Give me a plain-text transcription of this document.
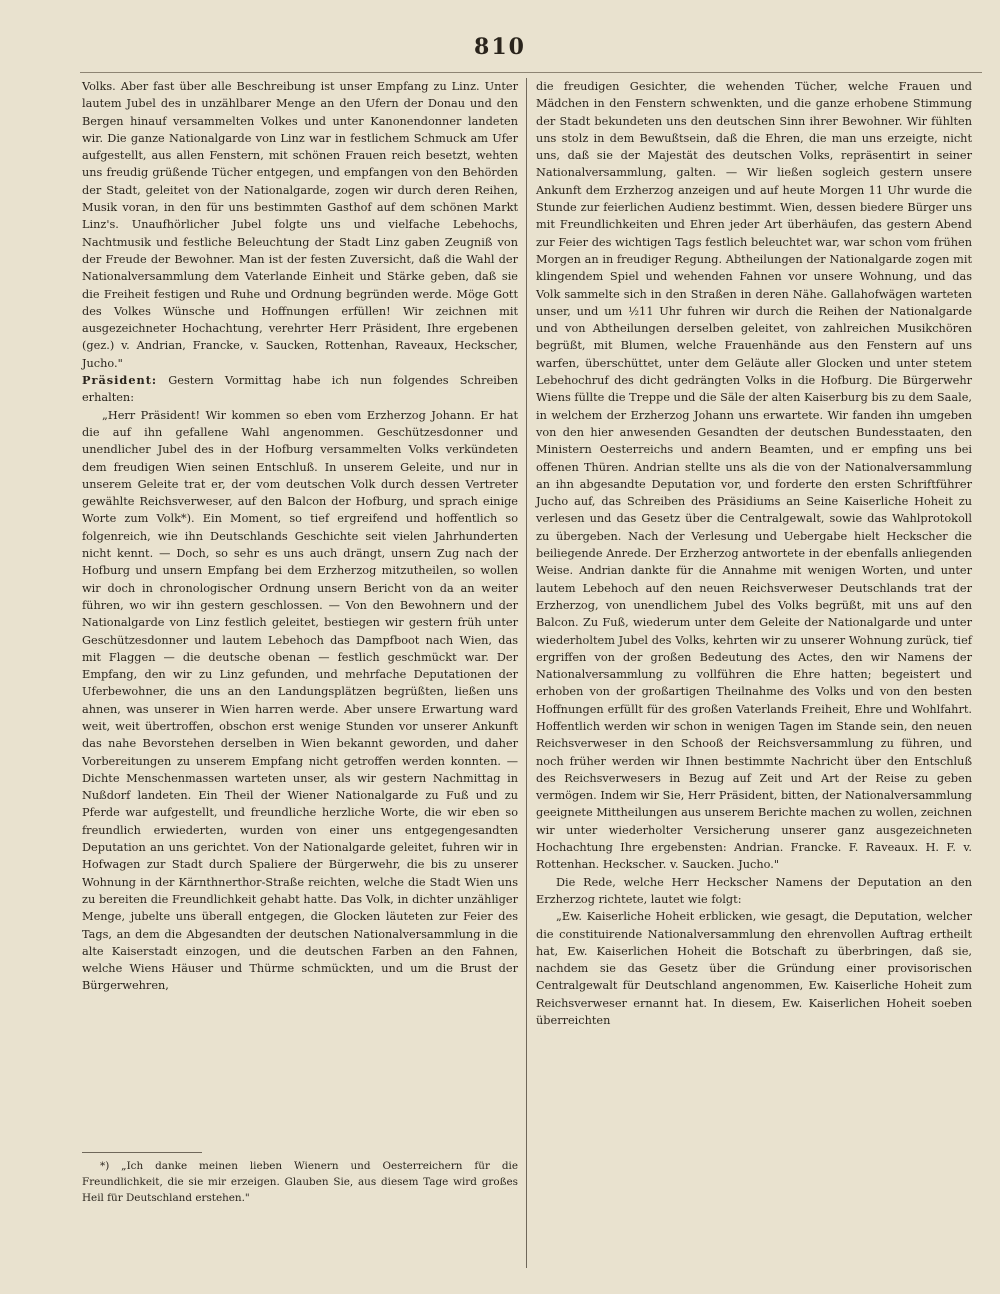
810

Volks. Aber fast über alle Beschreibung ist unser Empfang zu Linz. Unter lautem Jubel des in unzählbarer Menge an den Ufern der Donau und den Bergen hinauf versammelten Volkes und unter Kanonendonner landeten wir. Die ganze Nationalgarde von Linz war in festlichem Schmuck am Ufer aufgestellt, aus allen Fenstern, mit schönen Frauen reich besetzt, wehten uns freudig grüßende Tücher entgegen, und empfangen von den Behörden der Stadt, geleitet von der Nationalgarde, zogen wir durch deren Reihen, Musik voran, in den für uns bestimmten Gasthof auf dem schönen Markt Linz's. Unaufhörlicher Jubel folgte uns und vielfache Lebehochs, Nachtmusik und festliche Beleuchtung der Stadt Linz gaben Zeugniß von der Freude der Bewohner. Man ist der festen Zuversicht, daß die Wahl der Nationalversammlung dem Vaterlande Einheit und Stärke geben, daß sie die Freiheit festigen und Ruhe und Ordnung begründen werde. Möge Gott des Volkes Wünsche und Hoffnungen erfüllen! Wir zeichnen mit ausgezeichneter Hochachtung, verehrter Herr Präsident, Ihre ergebenen (gez.) v. Andrian, Francke, v. Saucken, Rottenhan, Raveaux, Heckscher, Jucho."

Präsident: Gestern Vormittag habe ich nun folgendes Schreiben erhalten:

„Herr Präsident! Wir kommen so eben vom Erzherzog Johann. Er hat die auf ihn gefallene Wahl angenommen. Geschützesdonner und unendlicher Jubel des in der Hofburg versammelten Volks verkündeten dem freudigen Wien seinen Entschluß. In unserem Geleite, und nur in unserem Geleite trat er, der vom deutschen Volk durch dessen Vertreter gewählte Reichsverweser, auf den Balcon der Hofburg, und sprach einige Worte zum Volk*). Ein Moment, so tief ergreifend und hoffentlich so folgenreich, wie ihn Deutschlands Geschichte seit vielen Jahrhunderten nicht kennt. — Doch, so sehr es uns auch drängt, unsern Zug nach der Hofburg und unsern Empfang bei dem Erzherzog mitzutheilen, so wollen wir doch in chronologischer Ordnung unsern Bericht von da an weiter führen, wo wir ihn gestern geschlossen. — Von den Bewohnern und der Nationalgarde von Linz festlich geleitet, bestiegen wir gestern früh unter Geschützesdonner und lautem Lebehoch das Dampfboot nach Wien, das mit Flaggen — die deutsche obenan — festlich geschmückt war. Der Empfang, den wir zu Linz gefunden, und mehrfache Deputationen der Uferbewohner, die uns an den Landungsplätzen begrüßten, ließen uns ahnen, was unserer in Wien harren werde. Aber unsere Erwartung ward weit, weit übertroffen, obschon erst wenige Stunden vor unserer Ankunft das nahe Bevorstehen derselben in Wien bekannt geworden, und daher Vorbereitungen zu unserem Empfang nicht getroffen werden konnten. — Dichte Menschenmassen warteten unser, als wir gestern Nachmittag in Nußdorf landeten. Ein Theil der Wiener Nationalgarde zu Fuß und zu Pferde war aufgestellt, und freundliche herzliche Worte, die wir eben so freundlich erwiederten, wurden von einer uns entgegengesandten Deputation an uns gerichtet. Von der Nationalgarde geleitet, fuhren wir in Hofwagen zur Stadt durch Spaliere der Bürgerwehr, die bis zu unserer Wohnung in der Kärnthnerthor-Straße reichten, welche die Stadt Wien uns zu bereiten die Freundlichkeit gehabt hatte. Das Volk, in dichter unzähliger Menge, jubelte uns überall entgegen, die Glocken läuteten zur Feier des Tags, an dem die Abgesandten der deutschen Nationalversammlung in die alte Kaiserstadt einzogen, und die deutschen Farben an den Fahnen, welche Wiens Häuser und Thürme schmückten, und um die Brust der Bürgerwehren,

*) „Ich danke meinen lieben Wienern und Oesterreichern für die Freundlichkeit, die sie mir erzeigen. Glauben Sie, aus diesem Tage wird großes Heil für Deutschland erstehen."

die freudigen Gesichter, die wehenden Tücher, welche Frauen und Mädchen in den Fenstern schwenkten, und die ganze erhobene Stimmung der Stadt bekundeten uns den deutschen Sinn ihrer Bewohner. Wir fühlten uns stolz in dem Bewußtsein, daß die Ehren, die man uns erzeigte, nicht uns, daß sie der Majestät des deutschen Volks, repräsentirt in seiner Nationalversammlung, galten. — Wir ließen sogleich gestern unsere Ankunft dem Erzherzog anzeigen und auf heute Morgen 11 Uhr wurde die Stunde zur feierlichen Audienz bestimmt. Wien, dessen biedere Bürger uns mit Freundlichkeiten und Ehren jeder Art überhäufen, das gestern Abend zur Feier des wichtigen Tags festlich beleuchtet war, war schon vom frühen Morgen an in freudiger Regung. Abtheilungen der Nationalgarde zogen mit klingendem Spiel und wehenden Fahnen vor unsere Wohnung, und das Volk sammelte sich in den Straßen in deren Nähe. Gallahofwägen warteten unser, und um ½11 Uhr fuhren wir durch die Reihen der Nationalgarde und von Abtheilungen derselben geleitet, von zahlreichen Musikchören begrüßt, mit Blumen, welche Frauenhände aus den Fenstern auf uns warfen, überschüttet, unter dem Geläute aller Glocken und unter stetem Lebehochruf des dicht gedrängten Volks in die Hofburg. Die Bürgerwehr Wiens füllte die Treppe und die Säle der alten Kaiserburg bis zu dem Saale, in welchem der Erzherzog Johann uns erwartete. Wir fanden ihn umgeben von den hier anwesenden Gesandten der deutschen Bundesstaaten, den Ministern Oesterreichs und andern Beamten, und er empfing uns bei offenen Thüren. Andrian stellte uns als die von der Nationalversammlung an ihn abgesandte Deputation vor, und forderte den ersten Schriftführer Jucho auf, das Schreiben des Präsidiums an Seine Kaiserliche Hoheit zu verlesen und das Gesetz über die Centralgewalt, sowie das Wahlprotokoll zu übergeben. Nach der Verlesung und Uebergabe hielt Heckscher die beiliegende Anrede. Der Erzherzog antwortete in der ebenfalls anliegenden Weise. Andrian dankte für die Annahme mit wenigen Worten, und unter lautem Lebehoch auf den neuen Reichsverweser Deutschlands trat der Erzherzog, von unendlichem Jubel des Volks begrüßt, mit uns auf den Balcon. Zu Fuß, wiederum unter dem Geleite der Nationalgarde und unter wiederholtem Jubel des Volks, kehrten wir zu unserer Wohnung zurück, tief ergriffen von der großen Bedeutung des Actes, den wir Namens der Nationalversammlung zu vollführen die Ehre hatten; begeistert und erhoben von der großartigen Theilnahme des Volks und von den besten Hoffnungen erfüllt für des großen Vaterlands Freiheit, Ehre und Wohlfahrt. Hoffentlich werden wir schon in wenigen Tagen im Stande sein, den neuen Reichsverweser in den Schooß der Reichsversammlung zu führen, und noch früher werden wir Ihnen bestimmte Nachricht über den Entschluß des Reichsverwesers in Bezug auf Zeit und Art der Reise zu geben vermögen. Indem wir Sie, Herr Präsident, bitten, der Nationalversammlung geeignete Mittheilungen aus unserem Berichte machen zu wollen, zeichnen wir unter wiederholter Versicherung unserer ganz ausgezeichneten Hochachtung Ihre ergebensten: Andrian. Francke. F. Raveaux. H. F. v. Rottenhan. Heckscher. v. Saucken. Jucho."

Die Rede, welche Herr Heckscher Namens der Deputation an den Erzherzog richtete, lautet wie folgt:

„Ew. Kaiserliche Hoheit erblicken, wie gesagt, die Deputation, welcher die constituirende Nationalversammlung den ehrenvollen Auftrag ertheilt hat, Ew. Kaiserlichen Hoheit die Botschaft zu überbringen, daß sie, nachdem sie das Gesetz über die Gründung einer provisorischen Centralgewalt für Deutschland angenommen, Ew. Kaiserliche Hoheit zum Reichsverweser ernannt hat. In diesem, Ew. Kaiserlichen Hoheit soeben überreichten
